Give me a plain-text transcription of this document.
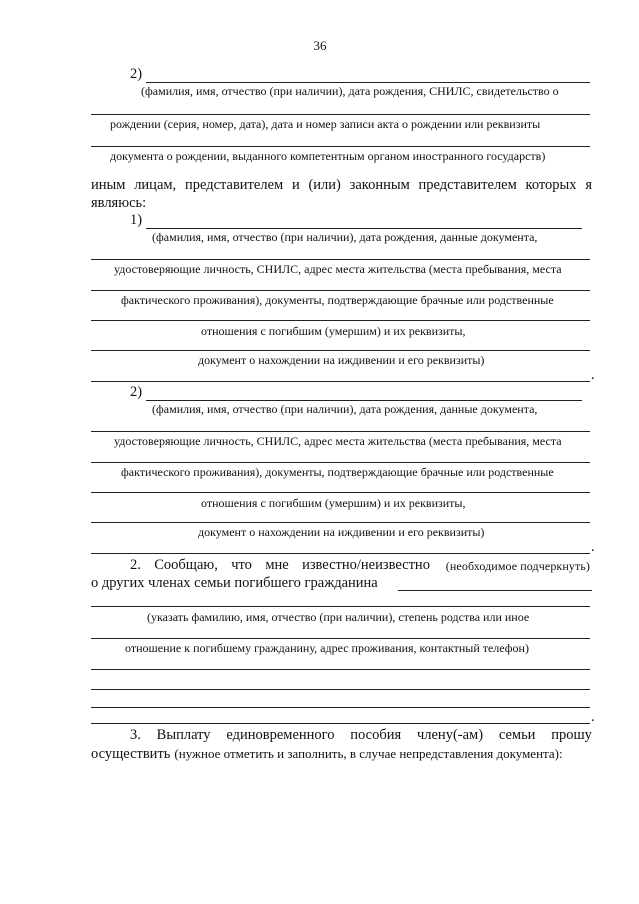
36
2)
(фамилия, имя, отчество (при наличии), дата рождения, СНИЛС, свидетельство о
рождении (серия, номер, дата), дата и номер записи акта о рождении или реквизиты
документа о рождении, выданного компетентным органом иностранного государств)
иным лицам, представителем и (или) законным представителем которых я
являюсь:
1)
(фамилия, имя, отчество (при наличии), дата рождения, данные документа,
удостоверяющие личность, СНИЛС, адрес места жительства (места пребывания, места
фактического проживания), документы, подтверждающие брачные или родственные
отношения с погибшим (умершим) и их реквизиты,
документ о нахождении на иждивении и его реквизиты)
.
2)
(фамилия, имя, отчество (при наличии), дата рождения, данные документа,
удостоверяющие личность, СНИЛС, адрес места жительства (места пребывания, места
фактического проживания), документы, подтверждающие брачные или родственные
отношения с погибшим (умершим) и их реквизиты,
документ о нахождении на иждивении и его реквизиты)
.
2. Сообщаю, что мне известно/неизвестно	(необходимое подчеркнуть)
о других членах семьи погибшего гражданина
(указать фамилию, имя, отчество (при наличии), степень родства или иное
отношение к погибшему гражданину, адрес проживания, контактный телефон)
.
3. Выплату единовременного пособия члену(-ам) семьи прошу
осуществить (нужное отметить и заполнить, в случае непредставления документа):
